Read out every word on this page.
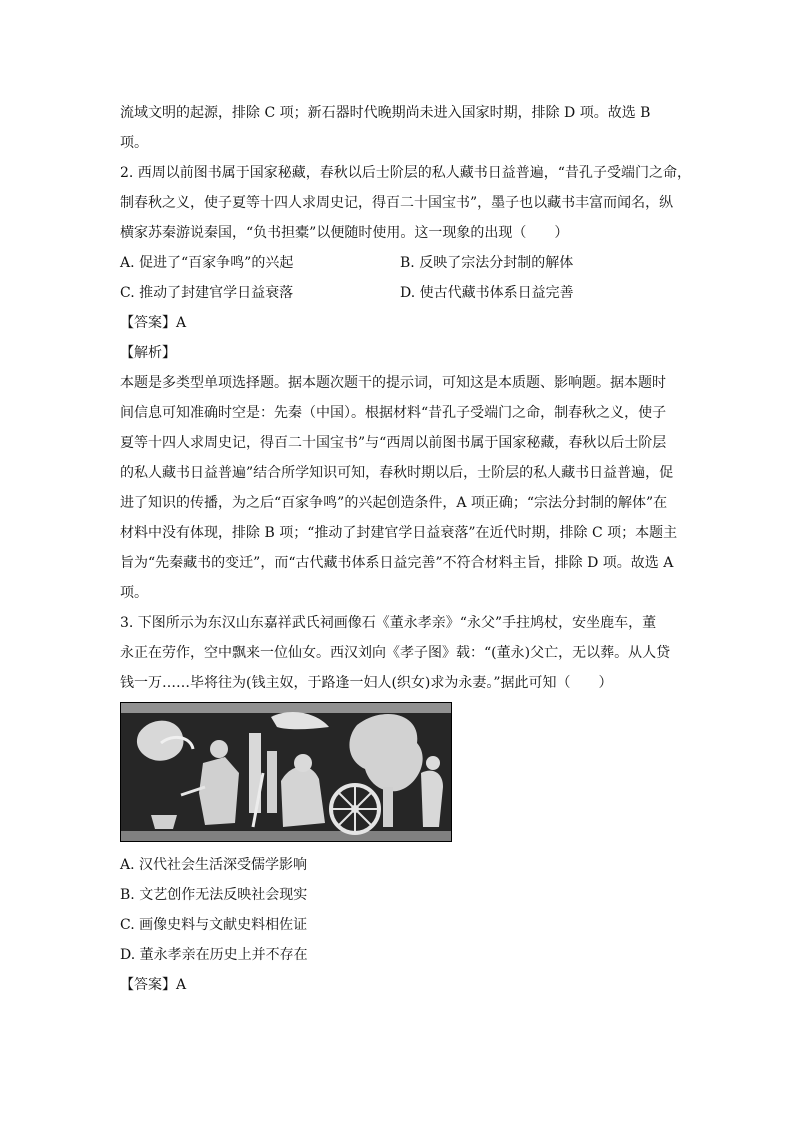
流域文明的起源，排除 C 项；新石器时代晚期尚未进入国家时期，排除 D 项。故选 B
项。
2. 西周以前图书属于国家秘藏，春秋以后士阶层的私人藏书日益普遍，“昔孔子受端门之命，
制春秋之义，使子夏等十四人求周史记，得百二十国宝书”，墨子也以藏书丰富而闻名，纵
横家苏秦游说秦国，“负书担橐”以便随时使用。这一现象的出现（　　）
A. 促进了“百家争鸣”的兴起	B. 反映了宗法分封制的解体
C. 推动了封建官学日益衰落	D. 使古代藏书体系日益完善
【答案】A
【解析】
本题是多类型单项选择题。据本题次题干的提示词，可知这是本质题、影响题。据本题时
间信息可知准确时空是：先秦（中国）。根据材料“昔孔子受端门之命，制春秋之义，使子
夏等十四人求周史记，得百二十国宝书”与“西周以前图书属于国家秘藏，春秋以后士阶层
的私人藏书日益普遍”结合所学知识可知，春秋时期以后，士阶层的私人藏书日益普遍，促
进了知识的传播，为之后“百家争鸣”的兴起创造条件，A 项正确；“宗法分封制的解体”在
材料中没有体现，排除 B 项；“推动了封建官学日益衰落”在近代时期，排除 C 项；本题主
旨为“先秦藏书的变迁”，而“古代藏书体系日益完善”不符合材料主旨，排除 D 项。故选 A
项。
3. 下图所示为东汉山东嘉祥武氏祠画像石《董永孝亲》“永父”手拄鸠杖，安坐鹿车，董
永正在劳作，空中飘来一位仙女。西汉刘向《孝子图》载：“(董永)父亡，无以葬。从人贷
钱一万……毕将往为(钱主奴，于路逢一妇人(织女)求为永妻。”据此可知（　　）
A. 汉代社会生活深受儒学影响
B. 文艺创作无法反映社会现实
C. 画像史料与文献史料相佐证
D. 董永孝亲在历史上并不存在
【答案】A
